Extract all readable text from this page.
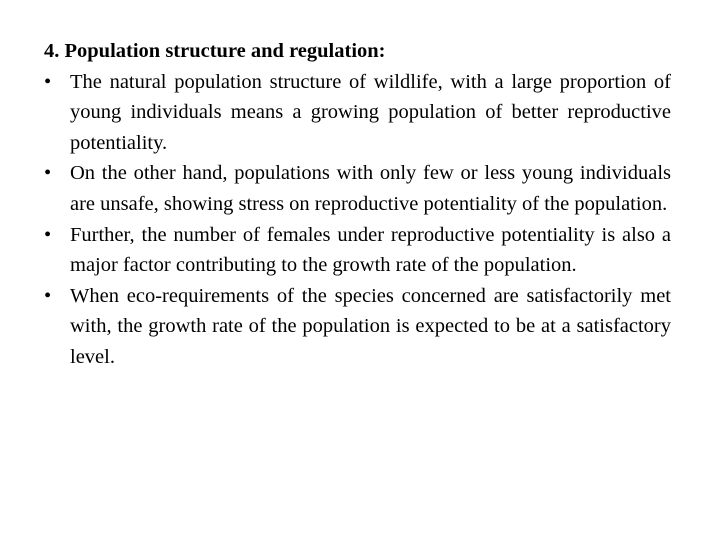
4. Population structure and regulation:
• The natural population structure of wildlife, with a large proportion of young individuals means a growing population of better reproductive potentiality.
• On the other hand, populations with only few or less young individuals are unsafe, showing stress on reproductive potentiality of the population.
• Further, the number of females under reproductive potentiality is also a major factor contributing to the growth rate of the population.
• When eco-requirements of the species concerned are satisfactorily met with, the growth rate of the population is expected to be at a satisfactory level.
